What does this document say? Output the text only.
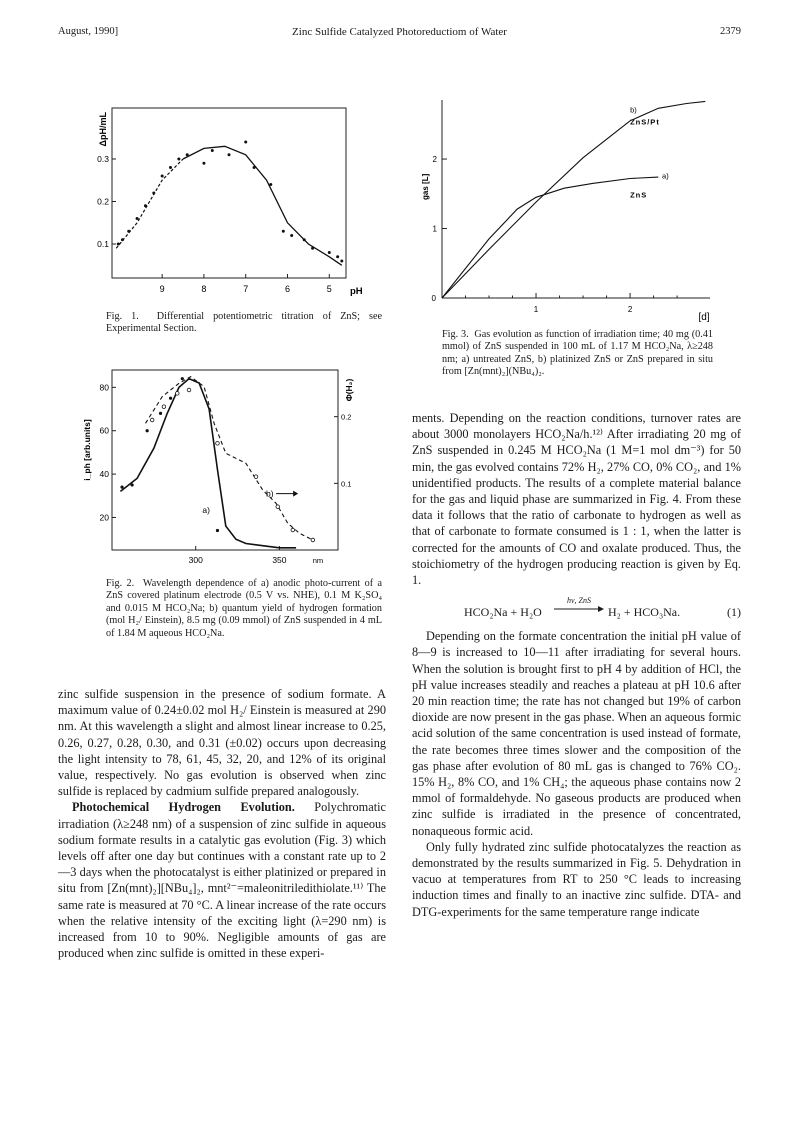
August, 1990]	Zinc Sulfide Catalyzed Photoreductiom of Water	2379
9	8	7	6	5
0.1
0.2
0.3
pH
ΔpH/mL

Fig. 1. Differential potentiometric titration of ZnS; see Experimental Section.

300	350
20
40
60
80
0.1
0.2
nm
i_ph [arb.units]
Φ(H₂)
a)
b)

Fig. 2. Wavelength dependence of a) anodic photo-current of a ZnS covered platinum electrode (0.5 V vs. NHE), 0.1 M K₂SO₄ and 0.015 M HCO₂Na; b) quantum yield of hydrogen formation (mol H₂/ Einstein), 8.5 mg (0.09 mmol) of ZnS suspended in 4 mL of 1.84 M aqueous HCO₂Na.

0
1	2
1
2
[d]
gas [L]	a)
ZnS
b)
ZnS/Pt

Fig. 3. Gas evolution as function of irradiation time; 40 mg (0.41 mmol) of ZnS suspended in 100 mL of 1.17 M HCO₂Na, λ≥248 nm; a) untreated ZnS, b) platinized ZnS or ZnS prepared in situ from [Zn(mnt)₂](NBu₄)₂.

zinc sulfide suspension in the presence of sodium formate. A maximum value of 0.24±0.02 mol H₂/ Einstein is measured at 290 nm. At this wavelength a slight and almost linear increase to 0.25, 0.26, 0.27, 0.28, 0.30, and 0.31 (±0.02) occurs upon decreasing the light intensity to 78, 61, 45, 32, 20, and 12% of its original value, respectively. No gas evolution is observed when zinc sulfide is replaced by cadmium sulfide prepared analogously.

Photochemical Hydrogen Evolution. Polychromatic irradiation (λ≥248 nm) of a suspension of zinc sulfide in aqueous sodium formate results in a catalytic gas evolution (Fig. 3) which levels off after one day but continues with a constant rate up to 2—3 days when the photocatalyst is either platinized or prepared in situ from [Zn(mnt)₂][NBu₄]₂, mnt²⁻=maleonitriledithiolate.¹¹⁾ The same rate is measured at 70 °C. A linear increase of the rate occurs when the relative intensity of the exciting light (λ=290 nm) is increased from 10 to 90%. Negligible amounts of gas are produced when zinc sulfide is omitted in these experi-

ments. Depending on the reaction conditions, turnover rates are about 3000 monolayers HCO₂Na/h.¹²⁾ After irradiating 20 mg of ZnS suspended in 0.245 M HCO₂Na (1 M=1 mol dm⁻³) for 50 min, the gas evolved contains 72% H₂, 27% CO, 0% CO₂, and 1% unidentified products. The results of a complete material balance for the gas and liquid phase are summarized in Fig. 4. From these data it follows that the ratio of carbonate to hydrogen as well as that of carbonate to formate consumed is 1 : 1, when the latter is corrected for the amounts of CO and oxalate produced. Thus, the stoichiometry of the hydrogen producing reaction is given by Eq. 1.

HCO₂Na + H₂O
hν, ZnS
H₂ + HCO₃Na.	(1)

Depending on the formate concentration the initial pH value of 8—9 is increased to 10—11 after irradiating for several hours. When the solution is brought first to pH 4 by addition of HCl, the pH value increases steadily and reaches a plateau at pH 10.6 after 20 min reaction time; the rate has not changed but 19% of carbon dioxide are now present in the gas phase. When an aqueous formic acid solution of the same concentration is used instead of formate, the rate becomes three times slower and the composition of the gas phase after evolution of 80 mL gas is changed to 76% CO₂. 15% H₂, 8% CO, and 1% CH₄; the aqueous phase contains now 2 mmol of formaldehyde. No gaseous products are produced when zinc sulfide is irradiated in the presence of concentrated, nonaqueous formic acid.

Only fully hydrated zinc sulfide photocatalyzes the reaction as demonstrated by the results summarized in Fig. 5. Dehydration in vacuo at temperatures from RT to 250 °C leads to increasing induction times and finally to an inactive zinc sulfide. DTA- and DTG-experiments for the same temperature range indicate
